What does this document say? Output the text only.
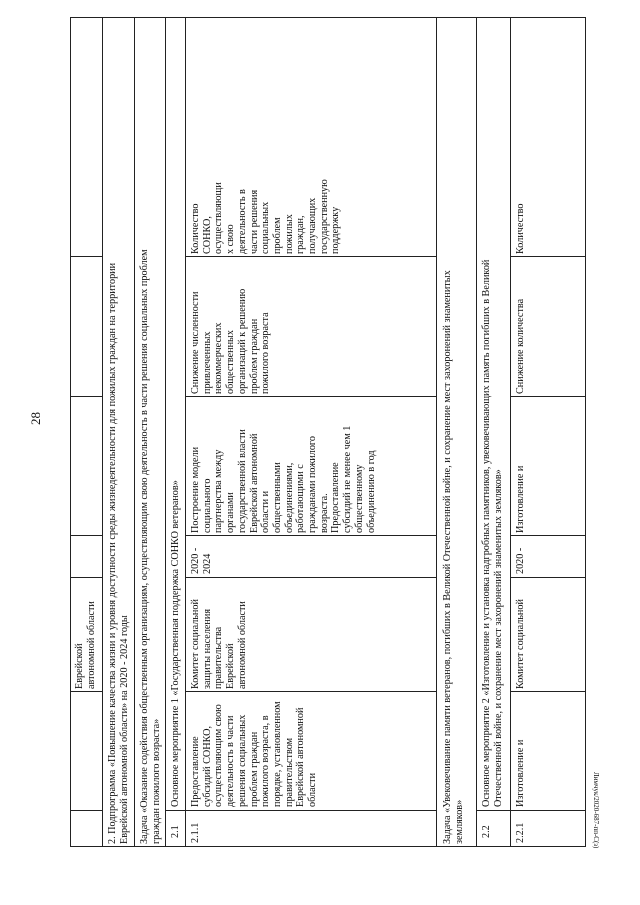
28
Лимчук/2020-687-пп-С(з)
Еврейской
автономной области
2. Подпрограмма «Повышение качества жизни и уровня доступности среды жизнедеятельности для пожилых граждан на территории
Еврейской автономной области» на 2020 - 2024 годы
Задача «Оказание содействия общественным организациям, осуществляющим свою деятельность в части решения социальных проблем
граждан пожилого возраста»
2.1
Основное мероприятие 1 «Государственная поддержка СОНКО ветеранов»
2.1.1
Предоставление
субсидий СОНКО,
осуществляющим свою
деятельность в части
решения социальных
проблем граждан
пожилого возраста, в
порядке, установленном
правительством
Еврейской автономной
области
Комитет социальной
защиты населения
правительства
Еврейской
автономной области
2020 -
2024
Построение модели
социального
партнерства между
органами
государственной власти
Еврейской автономной
области и
общественными
объединениями,
работающими с
гражданами пожилого
возраста.
Предоставление
субсидий не менее чем 1
общественному
объединению в год
Снижение численности
привлеченных
некоммерческих
общественных
организаций к решению
проблем граждан
пожилого возраста
Количество
СОНКО,
осуществляющи
х свою
деятельность в
части решения
социальных
проблем
пожилых
граждан,
получающих
государственную
поддержку
Задача «Увековечивание памяти ветеранов, погибших в Великой Отечественной войне, и сохранение мест захоронений знаменитых
земляков» 2.2
Основное мероприятие 2 «Изготовление и установка надгробных памятников, увековечивающих память погибших в Великой
Отечественной войне, и сохранение мест захоронений знаменитых земляков»
2.2.1
Изготовление и
Комитет социальной
2020 -
Изготовление и
Снижение количества
Количество
